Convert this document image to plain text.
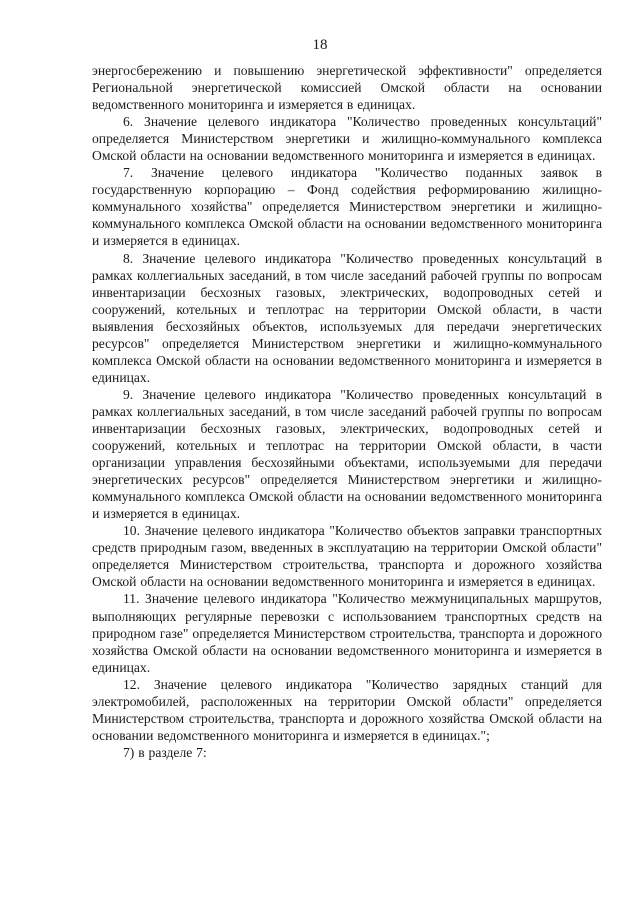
18

энергосбережению и повышению энергетической эффективности" определяется Региональной энергетической комиссией Омской области на основании ведомственного мониторинга и измеряется в единицах.

6. Значение целевого индикатора "Количество проведенных консультаций" определяется Министерством энергетики и жилищно-коммунального комплекса Омской области на основании ведомственного мониторинга и измеряется в единицах.

7. Значение целевого индикатора "Количество поданных заявок в государственную корпорацию – Фонд содействия реформированию жилищно-коммунального хозяйства" определяется Министерством энергетики и жилищно-коммунального комплекса Омской области на основании ведомственного мониторинга и измеряется в единицах.

8. Значение целевого индикатора "Количество проведенных консультаций в рамках коллегиальных заседаний, в том числе заседаний рабочей группы по вопросам инвентаризации бесхозных газовых, электрических, водопроводных сетей и сооружений, котельных и теплотрас на территории Омской области, в части выявления бесхозяйных объектов, используемых для передачи энергетических ресурсов" определяется Министерством энергетики и жилищно-коммунального комплекса Омской области на основании ведомственного мониторинга и измеряется в единицах.

9. Значение целевого индикатора "Количество проведенных консультаций в рамках коллегиальных заседаний, в том числе заседаний рабочей группы по вопросам инвентаризации бесхозных газовых, электрических, водопроводных сетей и сооружений, котельных и теплотрас на территории Омской области, в части организации управления бесхозяйными объектами, используемыми для передачи энергетических ресурсов" определяется Министерством энергетики и жилищно-коммунального комплекса Омской области на основании ведомственного мониторинга и измеряется в единицах.

10. Значение целевого индикатора "Количество объектов заправки транспортных средств природным газом, введенных в эксплуатацию на территории Омской области" определяется Министерством строительства, транспорта и дорожного хозяйства Омской области на основании ведомственного мониторинга и измеряется в единицах.

11. Значение целевого индикатора "Количество межмуниципальных маршрутов, выполняющих регулярные перевозки с использованием транспортных средств на природном газе" определяется Министерством строительства, транспорта и дорожного хозяйства Омской области на основании ведомственного мониторинга и измеряется в единицах.

12. Значение целевого индикатора "Количество зарядных станций для электромобилей, расположенных на территории Омской области" определяется Министерством строительства, транспорта и дорожного хозяйства Омской области на основании ведомственного мониторинга и измеряется в единицах.";

7) в разделе 7:
